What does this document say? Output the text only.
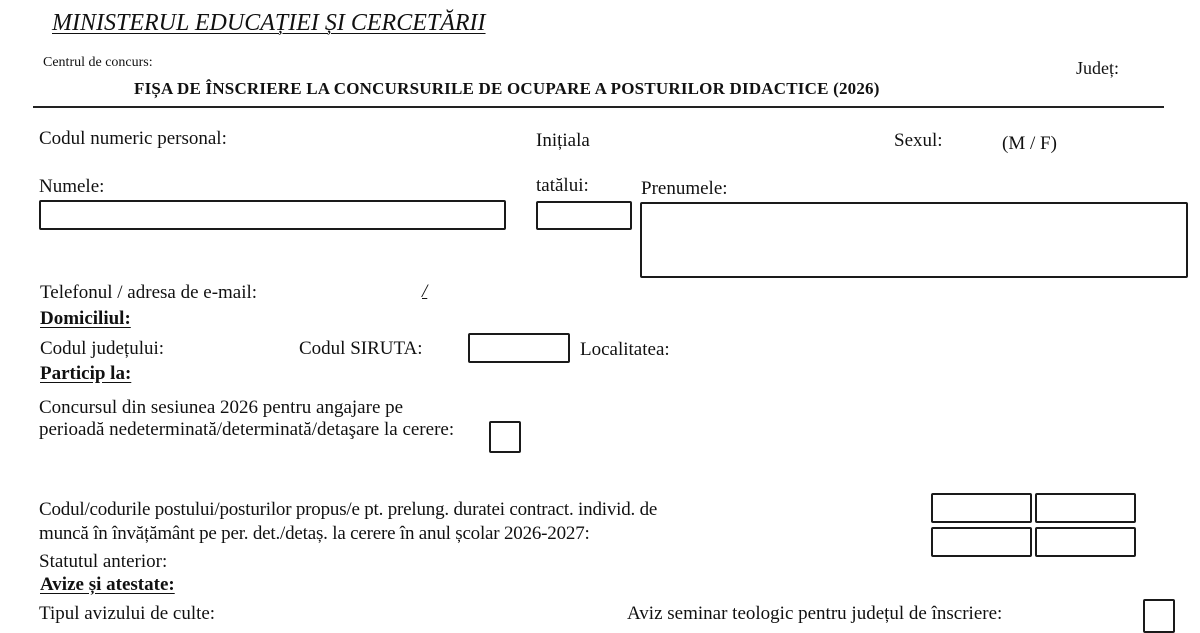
MINISTERUL EDUCAȚIEI ȘI CERCETĂRII
Centrul de concurs:	Județ:
FIȘA DE ÎNSCRIERE LA CONCURSURILE DE OCUPARE A POSTURILOR DIDACTICE (2026)
Codul numeric personal:	Inițiala	Sexul:	(M / F)
Numele:	tatălui:	Prenumele:
Telefonul / adresa de e-mail:	/
Domiciliul:
Codul județului:	Codul SIRUTA:	Localitatea:
Particip la:
Concursul din sesiunea 2026 pentru angajare pe perioadă nedeterminată/determinată/detaşare la cerere:
Codul/codurile postului/posturilor propus/e pt. prelung. duratei contract. individ. de
muncă în învățământ pe per. det./detaș. la cerere în anul școlar 2026-2027:
Statutul anterior:
Avize și atestate:
Tipul avizului de culte:	Aviz seminar teologic pentru județul de înscriere:
